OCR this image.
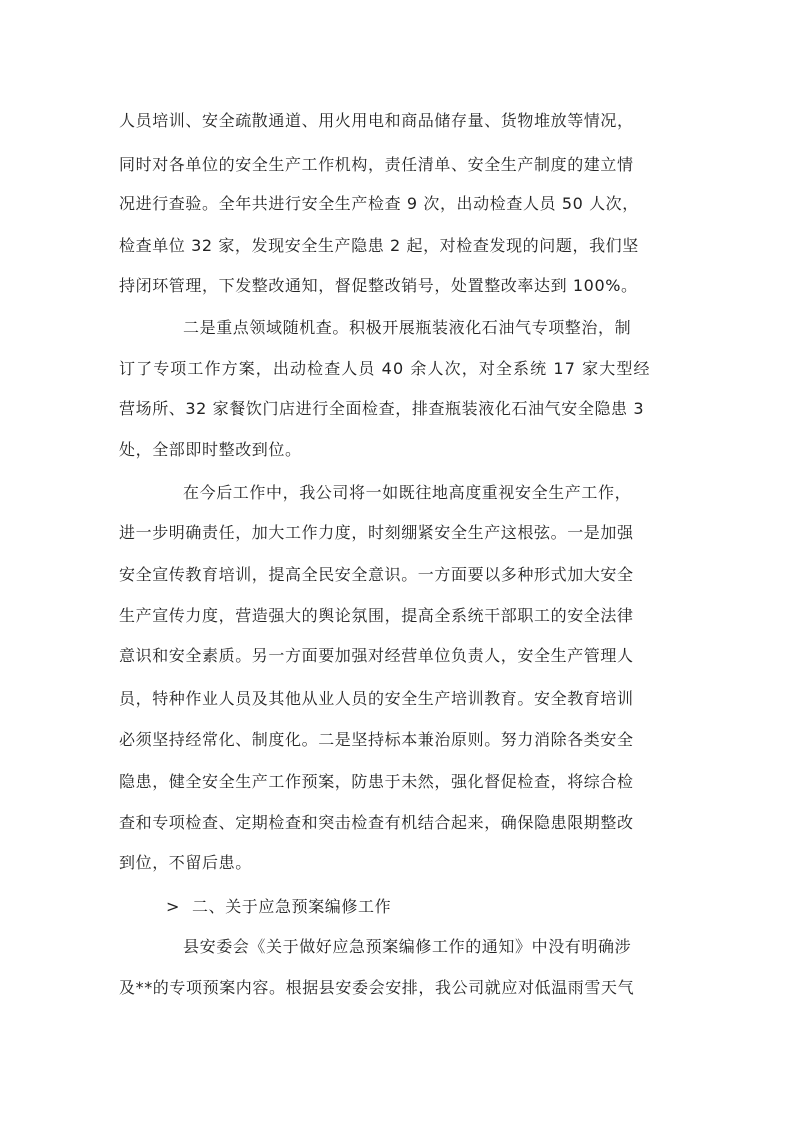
人员培训、安全疏散通道、用火用电和商品储存量、货物堆放等情况，
同时对各单位的安全生产工作机构，责任清单、安全生产制度的建立情
况进行查验。全年共进行安全生产检查 9 次，出动检查人员 50 人次，
检查单位 32 家，发现安全生产隐患 2 起，对检查发现的问题，我们坚
持闭环管理，下发整改通知，督促整改销号，处置整改率达到 100%。
二是重点领域随机查。积极开展瓶装液化石油气专项整治，制
订了专项工作方案，出动检查人员 40 余人次，对全系统 17 家大型经
营场所、32 家餐饮门店进行全面检查，排查瓶装液化石油气安全隐患 3
处，全部即时整改到位。
在今后工作中，我公司将一如既往地高度重视安全生产工作，
进一步明确责任，加大工作力度，时刻绷紧安全生产这根弦。一是加强
安全宣传教育培训，提高全民安全意识。一方面要以多种形式加大安全
生产宣传力度，营造强大的舆论氛围，提高全系统干部职工的安全法律
意识和安全素质。另一方面要加强对经营单位负责人，安全生产管理人
员，特种作业人员及其他从业人员的安全生产培训教育。安全教育培训
必须坚持经常化、制度化。二是坚持标本兼治原则。努力消除各类安全
隐患，健全安全生产工作预案，防患于未然，强化督促检查，将综合检
查和专项检查、定期检查和突击检查有机结合起来，确保隐患限期整改
到位，不留后患。
> 二、关于应急预案编修工作
县安委会《关于做好应急预案编修工作的通知》中没有明确涉
及**的专项预案内容。根据县安委会安排，我公司就应对低温雨雪天气
